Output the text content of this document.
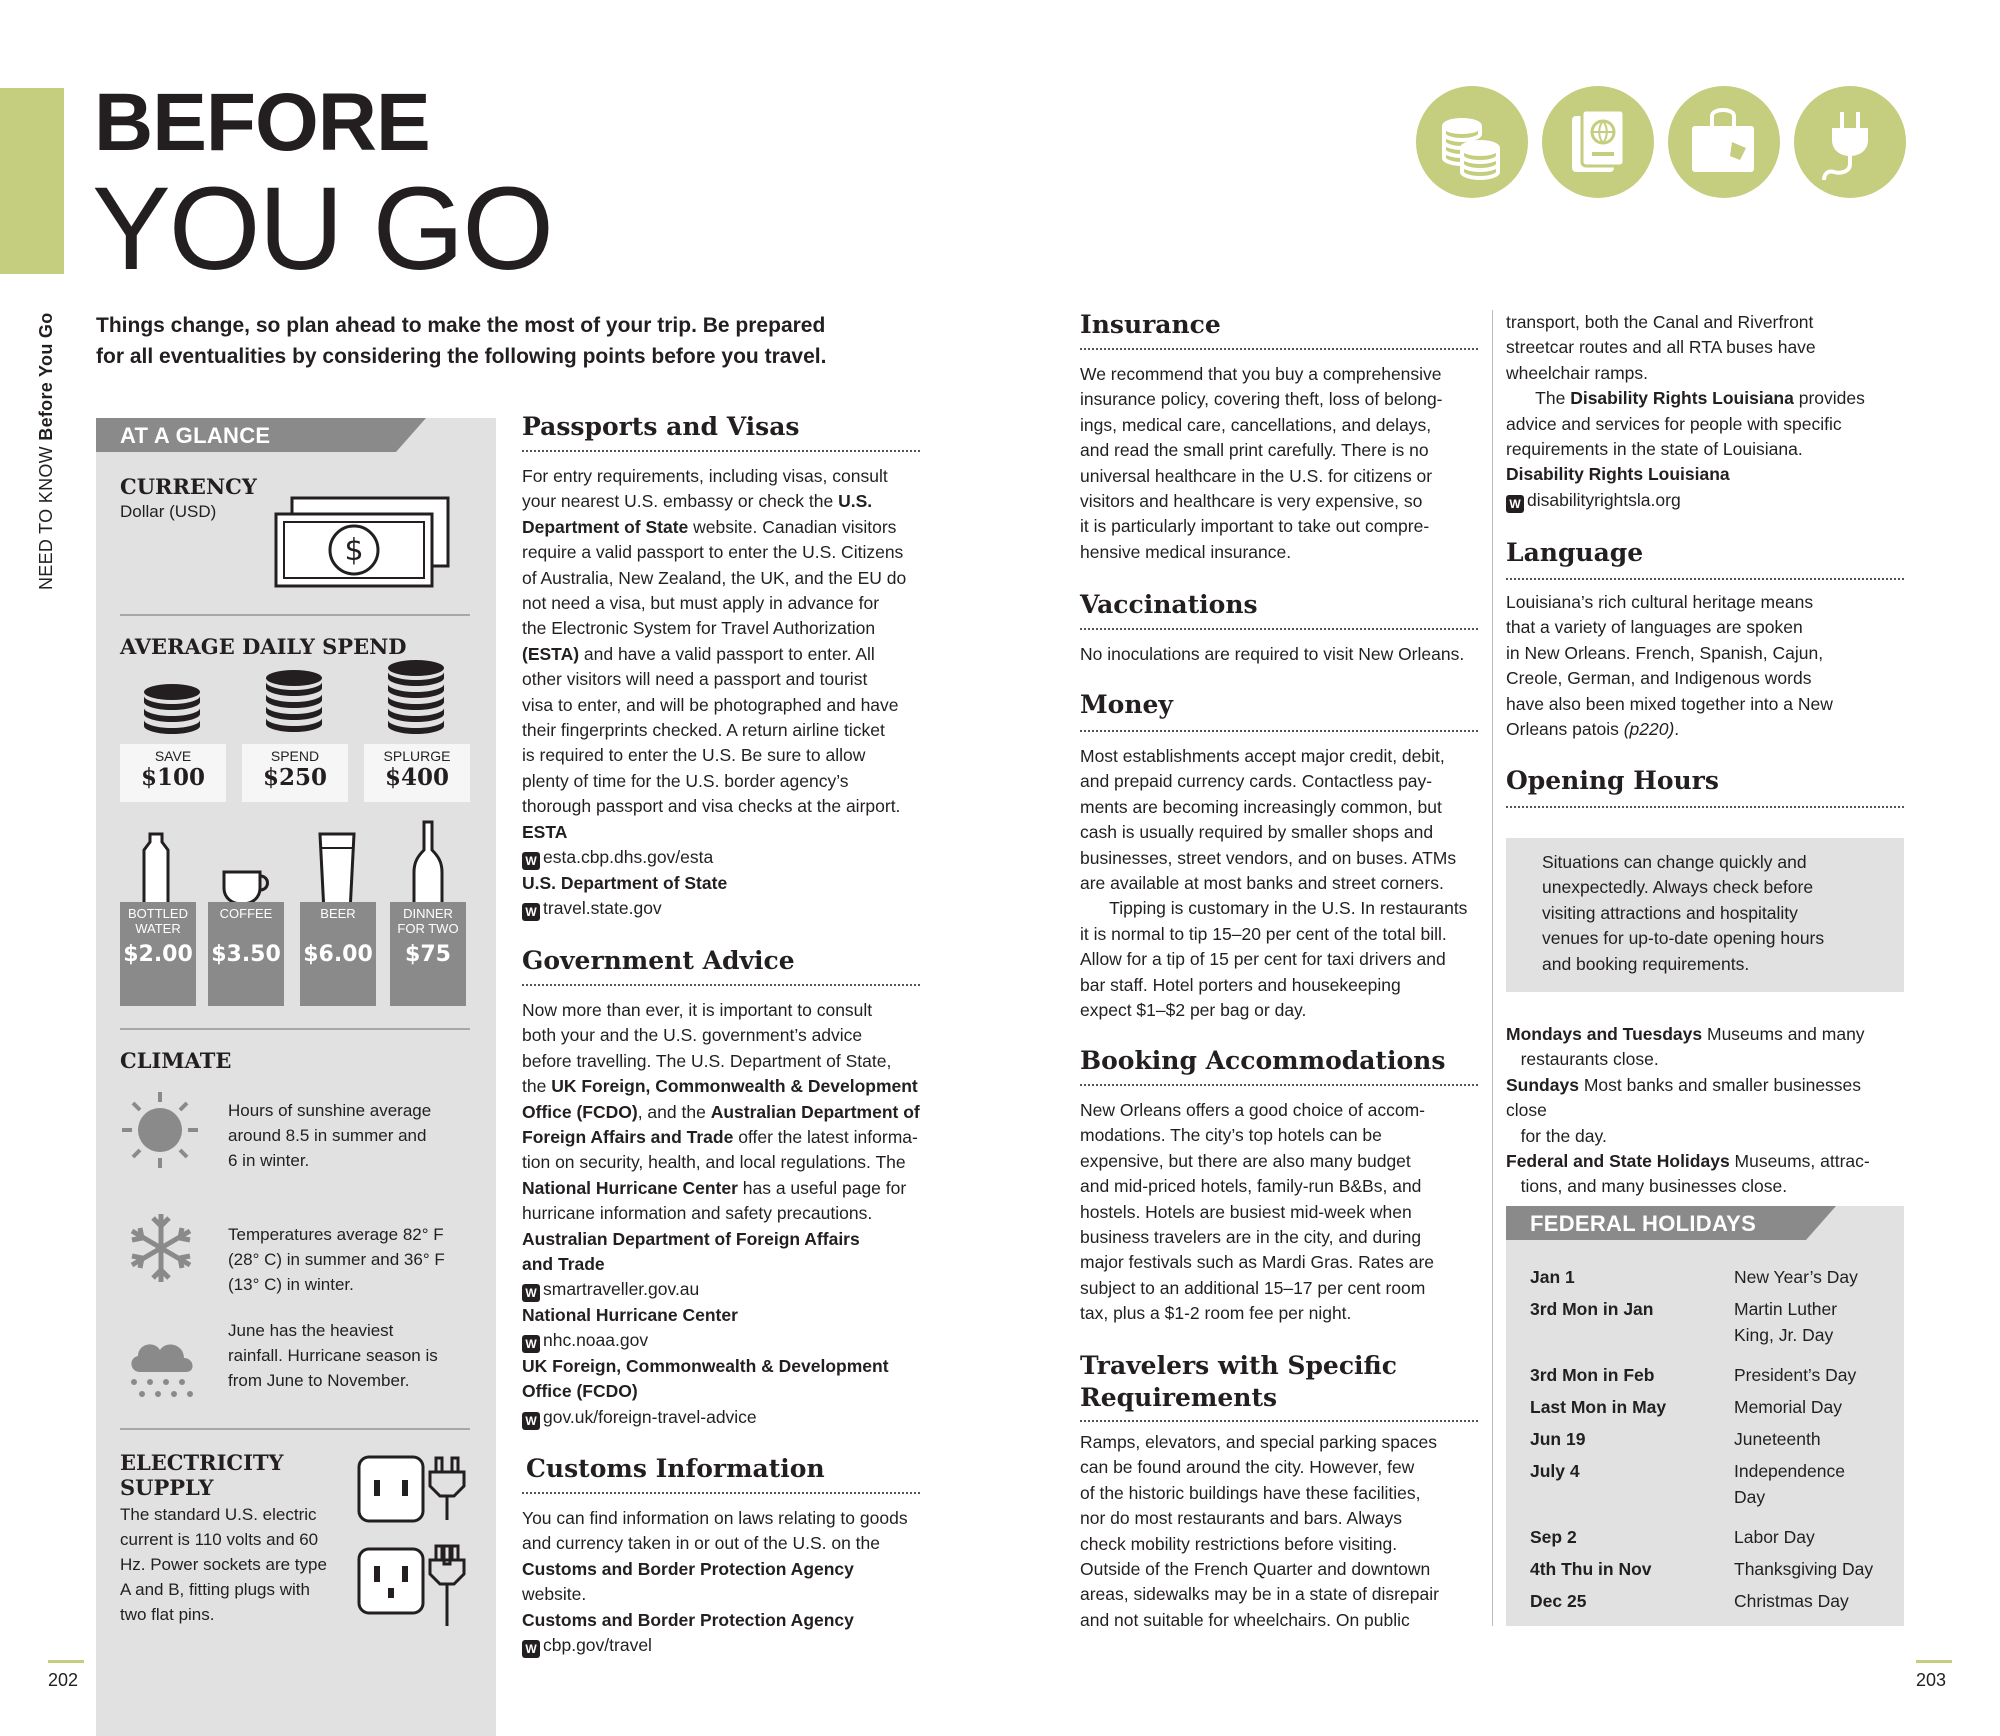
NEED TO KNOW Before You Go
BEFORE
YOU GO
Things change, so plan ahead to make the most of your trip. Be prepared
for all eventualities by considering the following points before you travel.
AT A GLANCE
CURRENCY
Dollar (USD)
$
AVERAGE DAILY SPEND
SAVE
$100
SPEND
$250
SPLURGE
$400
BOTTLED
WATER
$2.00
COFFEE
$3.50
BEER
$6.00
DINNER
FOR TWO
$75
CLIMATE
Hours of sunshine average
around 8.5 in summer and
6 in winter.
Temperatures average 82° F
(28° C) in summer and 36° F
(13° C) in winter.
June has the heaviest
rainfall. Hurricane season is
from June to November.
ELECTRICITY
SUPPLY
The standard U.S. electric
current is 110 volts and 60
Hz. Power sockets are type
A and B, fitting plugs with
two flat pins.
Passports and Visas
For entry requirements, including visas, consult
your nearest U.S. embassy or check the U.S.
Department of State website. Canadian visitors
require a valid passport to enter the U.S. Citizens
of Australia, New Zealand, the UK, and the EU do
not need a visa, but must apply in advance for
the Electronic System for Travel Authorization
(ESTA) and have a valid passport to enter. All
other visitors will need a passport and tourist
visa to enter, and will be photographed and have
their fingerprints checked. A return airline ticket
is required to enter the U.S. Be sure to allow
plenty of time for the U.S. border agency’s
thorough passport and visa checks at the airport.
ESTA
W esta.cbp.dhs.gov/esta
U.S. Department of State
W travel.state.gov
Government Advice
Now more than ever, it is important to consult
both your and the U.S. government’s advice
before travelling. The U.S. Department of State,
the UK Foreign, Commonwealth & Development
Office (FCDO), and the Australian Department of
Foreign Affairs and Trade offer the latest informa-
tion on security, health, and local regulations. The
National Hurricane Center has a useful page for
hurricane information and safety precautions.
Australian Department of Foreign Affairs
and Trade
W smartraveller.gov.au
National Hurricane Center
W nhc.noaa.gov
UK Foreign, Commonwealth & Development
Office (FCDO)
W gov.uk/foreign-travel-advice
Customs Information
You can find information on laws relating to goods
and currency taken in or out of the U.S. on the
Customs and Border Protection Agency website.
Customs and Border Protection Agency
W cbp.gov/travel
Insurance
We recommend that you buy a comprehensive
insurance policy, covering theft, loss of belong-
ings, medical care, cancellations, and delays,
and read the small print carefully. There is no
universal healthcare in the U.S. for citizens or
visitors and healthcare is very expensive, so
it is particularly important to take out compre-
hensive medical insurance.
Vaccinations
No inoculations are required to visit New Orleans.
Money
Most establishments accept major credit, debit,
and prepaid currency cards. Contactless pay-
ments are becoming increasingly common, but
cash is usually required by smaller shops and
businesses, street vendors, and on buses. ATMs
are available at most banks and street corners.
Tipping is customary in the U.S. In restaurants
it is normal to tip 15–20 per cent of the total bill.
Allow for a tip of 15 per cent for taxi drivers and
bar staff. Hotel porters and housekeeping
expect $1–$2 per bag or day.
Booking Accommodations
New Orleans offers a good choice of accom-
modations. The city’s top hotels can be
expensive, but there are also many budget
and mid-priced hotels, family-run B&Bs, and
hostels. Hotels are busiest mid-week when
business travelers are in the city, and during
major festivals such as Mardi Gras. Rates are
subject to an additional 15–17 per cent room
tax, plus a $1-2 room fee per night.
Travelers with Specific
Requirements
Ramps, elevators, and special parking spaces
can be found around the city. However, few
of the historic buildings have these facilities,
nor do most restaurants and bars. Always
check mobility restrictions before visiting.
Outside of the French Quarter and downtown
areas, sidewalks may be in a state of disrepair
and not suitable for wheelchairs. On public
transport, both the Canal and Riverfront
streetcar routes and all RTA buses have
wheelchair ramps.
The Disability Rights Louisiana provides
advice and services for people with specific
requirements in the state of Louisiana.
Disability Rights Louisiana
W disabilityrightsla.org
Language
Louisiana’s rich cultural heritage means
that a variety of languages are spoken
in New Orleans. French, Spanish, Cajun,
Creole, German, and Indigenous words
have also been mixed together into a New
Orleans patois (p220).
Opening Hours
Situations can change quickly and
unexpectedly. Always check before
visiting attractions and hospitality
venues for up-to-date opening hours
and booking requirements.
Mondays and Tuesdays Museums and many
restaurants close.
Sundays Most banks and smaller businesses close
for the day.
Federal and State Holidays Museums, attrac-
tions, and many businesses close.
FEDERAL HOLIDAYS
Jan 1	New Year’s Day
3rd Mon in Jan	Martin Luther
King, Jr. Day
3rd Mon in Feb	President’s Day
Last Mon in May	Memorial Day
Jun 19	Juneteenth
July 4	Independence
Day
Sep 2	Labor Day
4th Thu in Nov	Thanksgiving Day
Dec 25	Christmas Day
202	203
